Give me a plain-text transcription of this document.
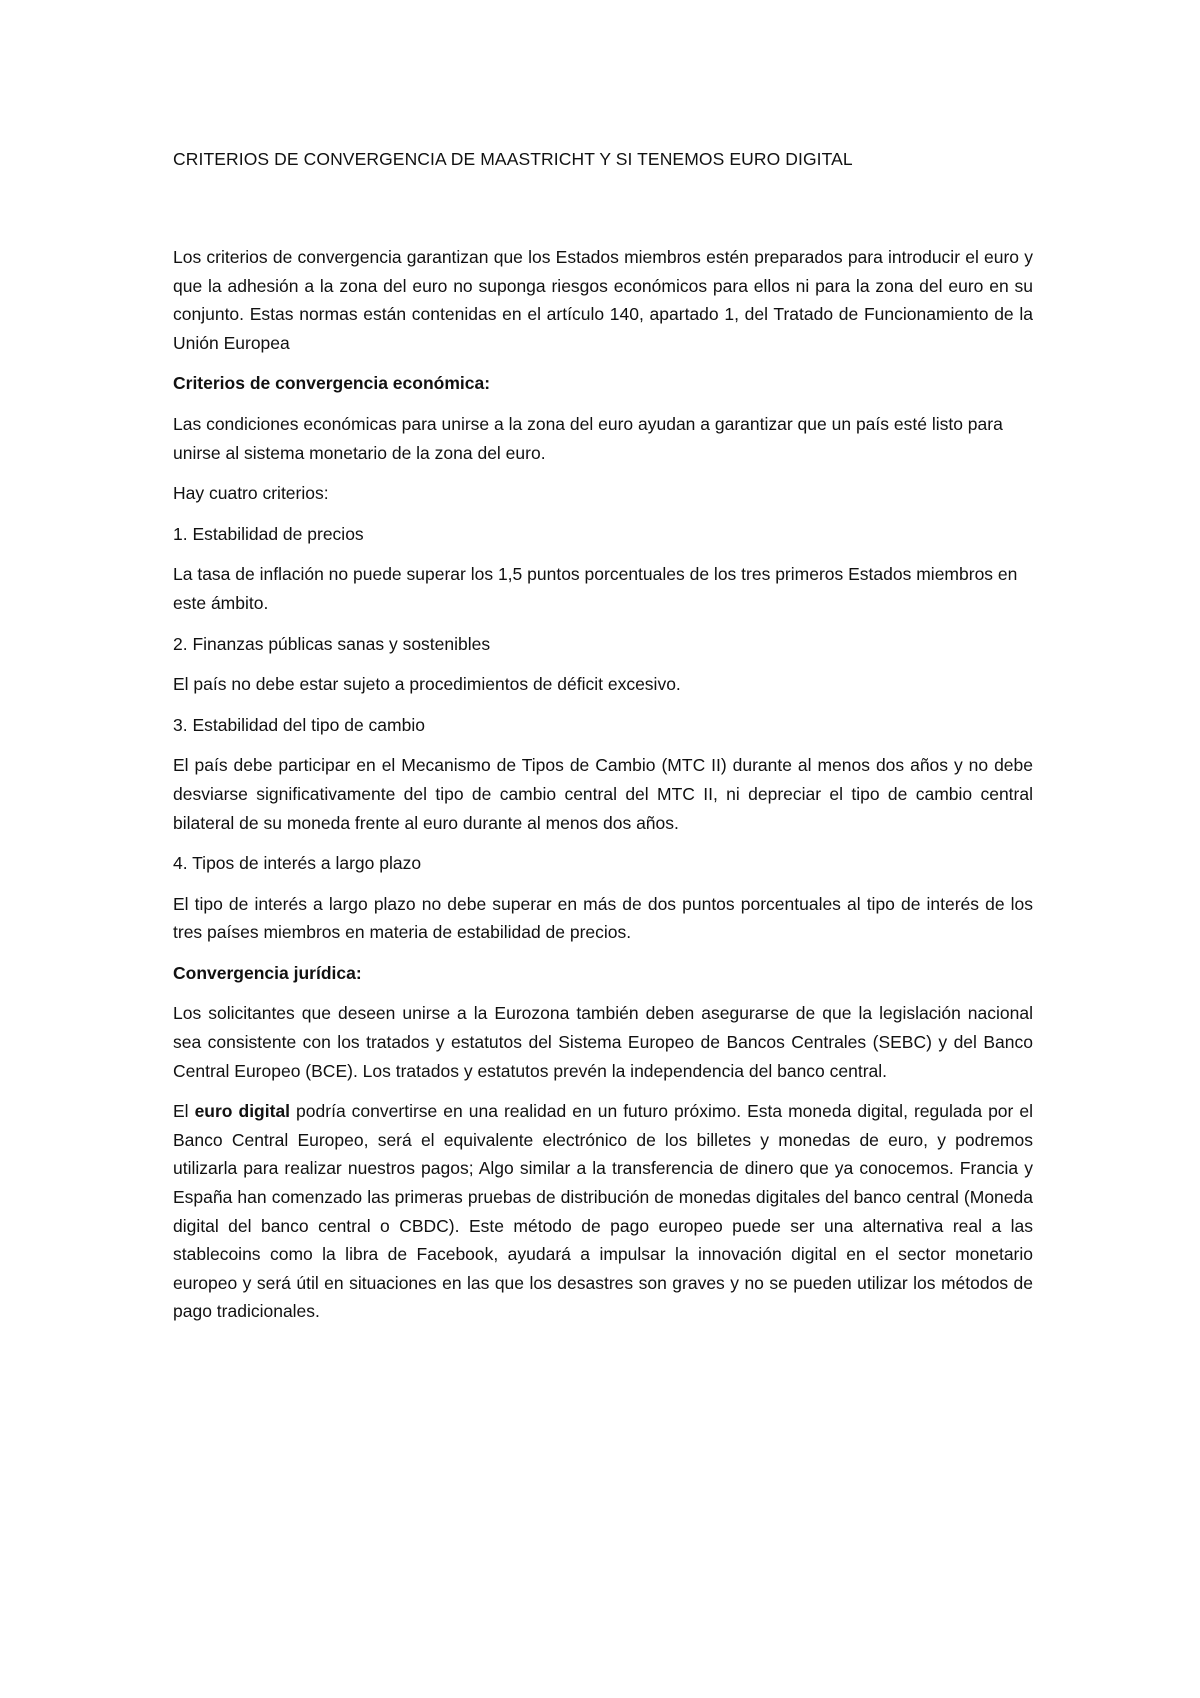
CRITERIOS DE CONVERGENCIA DE MAASTRICHT Y SI TENEMOS EURO DIGITAL

Los criterios de convergencia garantizan que los Estados miembros estén preparados para introducir el euro y que la adhesión a la zona del euro no suponga riesgos económicos para ellos ni para la zona del euro en su conjunto. Estas normas están contenidas en el artículo 140, apartado 1, del Tratado de Funcionamiento de la Unión Europea

Criterios de convergencia económica:

Las condiciones económicas para unirse a la zona del euro ayudan a garantizar que un país esté listo para unirse al sistema monetario de la zona del euro.

Hay cuatro criterios:

1. Estabilidad de precios

La tasa de inflación no puede superar los 1,5 puntos porcentuales de los tres primeros Estados miembros en este ámbito.

2. Finanzas públicas sanas y sostenibles

El país no debe estar sujeto a procedimientos de déficit excesivo.

3. Estabilidad del tipo de cambio

El país debe participar en el Mecanismo de Tipos de Cambio (MTC II) durante al menos dos años y no debe desviarse significativamente del tipo de cambio central del MTC II, ni depreciar el tipo de cambio central bilateral de su moneda frente al euro durante al menos dos años.

4. Tipos de interés a largo plazo

El tipo de interés a largo plazo no debe superar en más de dos puntos porcentuales al tipo de interés de los tres países miembros en materia de estabilidad de precios.

Convergencia jurídica:

Los solicitantes que deseen unirse a la Eurozona también deben asegurarse de que la legislación nacional sea consistente con los tratados y estatutos del Sistema Europeo de Bancos Centrales (SEBC) y del Banco Central Europeo (BCE). Los tratados y estatutos prevén la independencia del banco central.

El euro digital podría convertirse en una realidad en un futuro próximo. Esta moneda digital, regulada por el Banco Central Europeo, será el equivalente electrónico de los billetes y monedas de euro, y podremos utilizarla para realizar nuestros pagos; Algo similar a la transferencia de dinero que ya conocemos. Francia y España han comenzado las primeras pruebas de distribución de monedas digitales del banco central (Moneda digital del banco central o CBDC). Este método de pago europeo puede ser una alternativa real a las stablecoins como la libra de Facebook, ayudará a impulsar la innovación digital en el sector monetario europeo y será útil en situaciones en las que los desastres son graves y no se pueden utilizar los métodos de pago tradicionales.
